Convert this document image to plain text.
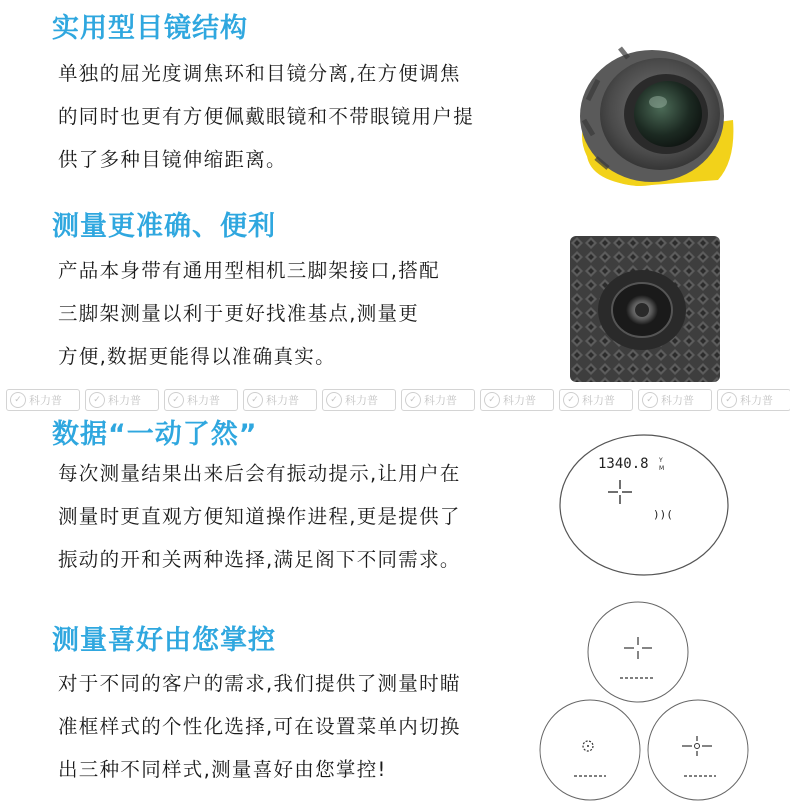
实用型目镜结构
单独的屈光度调焦环和目镜分离,在方便调焦
的同时也更有方便佩戴眼镜和不带眼镜用户提
供了多种目镜伸缩距离。
测量更准确、便利
产品本身带有通用型相机三脚架接口,搭配
三脚架测量以利于更好找准基点,测量更
方便,数据更能得以准确真实。
✓ 科力普	✓ 科力普	✓ 科力普	✓ 科力普	✓ 科力普	✓ 科力普	✓ 科力普	✓ 科力普	✓ 科力普	✓ 科力普
数据“一动了然”
每次测量结果出来后会有振动提示,让用户在
测量时更直观方便知道操作进程,更是提供了
振动的开和关两种选择,满足阁下不同需求。
1340.8 Y
M
))(
测量喜好由您掌控
对于不同的客户的需求,我们提供了测量时瞄
准框样式的个性化选择,可在设置菜单内切换
出三种不同样式,测量喜好由您掌控!
